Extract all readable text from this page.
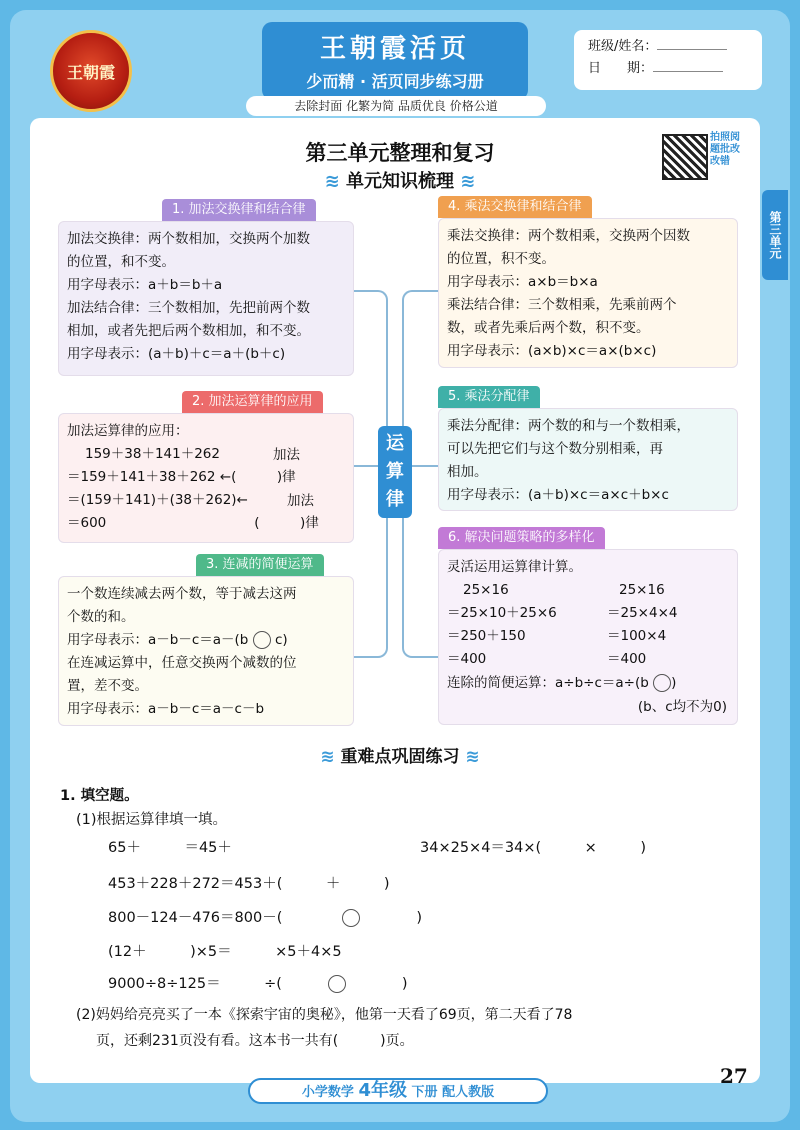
王朝霞
王朝霞活页
少而精 · 活页同步练习册
班级/姓名：
日　　期：
去除封面 化繁为简 品质优良 价格公道
第三单元
第三单元整理和复习
拍照阅题批改改错
≋ 单元知识梳理 ≋
运
算
律
1. 加法交换律和结合律
加法交换律：两个数相加，交换两个加数
的位置，和不变。
用字母表示：a＋b＝b＋a
加法结合律：三个数相加，先把前两个数
相加，或者先把后两个数相加，和不变。
用字母表示：(a＋b)＋c＝a＋(b＋c)
2. 加法运算律的应用
加法运算律的应用：
159＋38＋141＋262
＝159＋141＋38＋262 ←(　　　)律
＝(159＋141)＋(38＋262)←
＝600	(　　　)律
加法
加法
3. 连减的简便运算
一个数连续减去两个数，等于减去这两
个数的和。
用字母表示：a－b－c＝a－(b c)
在连减运算中，任意交换两个减数的位
置，差不变。
用字母表示：a－b－c＝a－c－b
4. 乘法交换律和结合律
乘法交换律：两个数相乘，交换两个因数
的位置，积不变。
用字母表示：a×b＝b×a
乘法结合律：三个数相乘，先乘前两个
数，或者先乘后两个数，积不变。
用字母表示：(a×b)×c＝a×(b×c)
5. 乘法分配律
乘法分配律：两个数的和与一个数相乘，
可以先把它们与这个数分别相乘，再
相加。
用字母表示：(a＋b)×c＝a×c＋b×c
6. 解决问题策略的多样化
灵活运用运算律计算。
25×16
＝25×10＋25×6
＝250＋150
＝400
25×16
＝25×4×4
＝100×4
＝400
连除的简便运算：a÷b÷c＝a÷(b )
(b、c均不为0)
≋ 重难点巩固练习 ≋
1. 填空题。
(1)根据运算律填一填。
65＋　　　＝45＋	34×25×4＝34×(　　　×　　　)
453＋228＋272＝453＋(　　　＋　　　)
800－124－476＝800－(	)
(12＋　　　)×5＝　　　×5＋4×5
9000÷8÷125＝　　　÷(	)
(2)妈妈给亮亮买了一本《探索宇宙的奥秘》，他第一天看了69页，第二天看了78
页，还剩231页没有看。这本书一共有(　　　)页。
27
小学数学 4年级 下册 配人教版
